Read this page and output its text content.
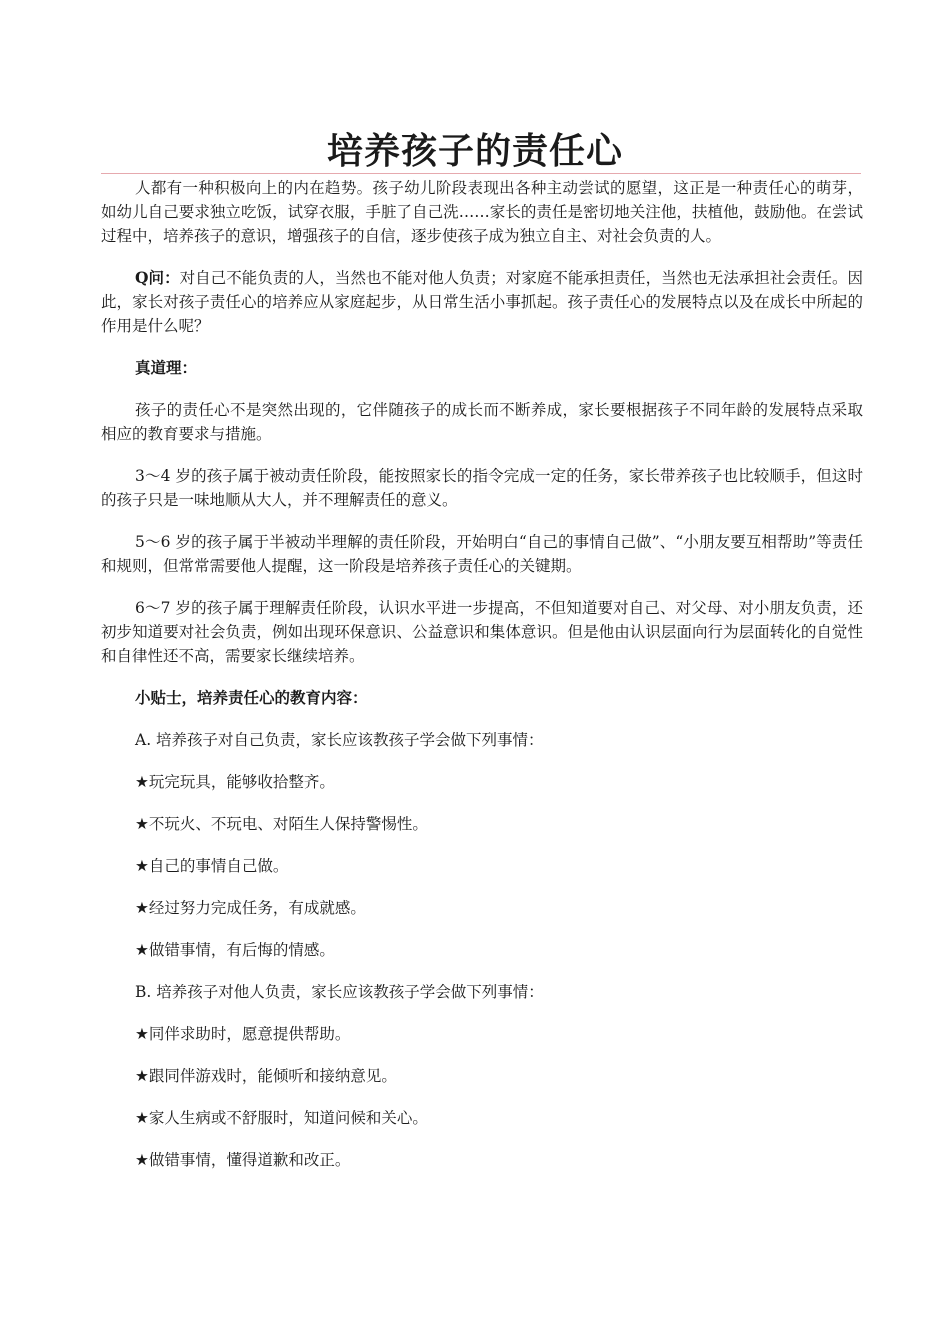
培养孩子的责任心

人都有一种积极向上的内在趋势。孩子幼儿阶段表现出各种主动尝试的愿望，这正是一种责任心的萌芽，如幼儿自己要求独立吃饭，试穿衣服，手脏了自己洗……家长的责任是密切地关注他，扶植他，鼓励他。在尝试过程中，培养孩子的意识，增强孩子的自信，逐步使孩子成为独立自主、对社会负责的人。

Q问：对自己不能负责的人，当然也不能对他人负责；对家庭不能承担责任，当然也无法承担社会责任。因此，家长对孩子责任心的培养应从家庭起步，从日常生活小事抓起。孩子责任心的发展特点以及在成长中所起的作用是什么呢？

真道理：

孩子的责任心不是突然出现的，它伴随孩子的成长而不断养成，家长要根据孩子不同年龄的发展特点采取相应的教育要求与措施。

3～4 岁的孩子属于被动责任阶段，能按照家长的指令完成一定的任务，家长带养孩子也比较顺手，但这时的孩子只是一味地顺从大人，并不理解责任的意义。

5～6 岁的孩子属于半被动半理解的责任阶段，开始明白“自己的事情自己做”、“小朋友要互相帮助”等责任和规则，但常常需要他人提醒，这一阶段是培养孩子责任心的关键期。

6～7 岁的孩子属于理解责任阶段，认识水平进一步提高，不但知道要对自己、对父母、对小朋友负责，还初步知道要对社会负责，例如出现环保意识、公益意识和集体意识。但是他由认识层面向行为层面转化的自觉性和自律性还不高，需要家长继续培养。

小贴士，培养责任心的教育内容：

A. 培养孩子对自己负责，家长应该教孩子学会做下列事情：

★玩完玩具，能够收拾整齐。

★不玩火、不玩电、对陌生人保持警惕性。

★自己的事情自己做。

★经过努力完成任务，有成就感。

★做错事情，有后悔的情感。

B. 培养孩子对他人负责，家长应该教孩子学会做下列事情：

★同伴求助时，愿意提供帮助。

★跟同伴游戏时，能倾听和接纳意见。

★家人生病或不舒服时，知道问候和关心。

★做错事情，懂得道歉和改正。
